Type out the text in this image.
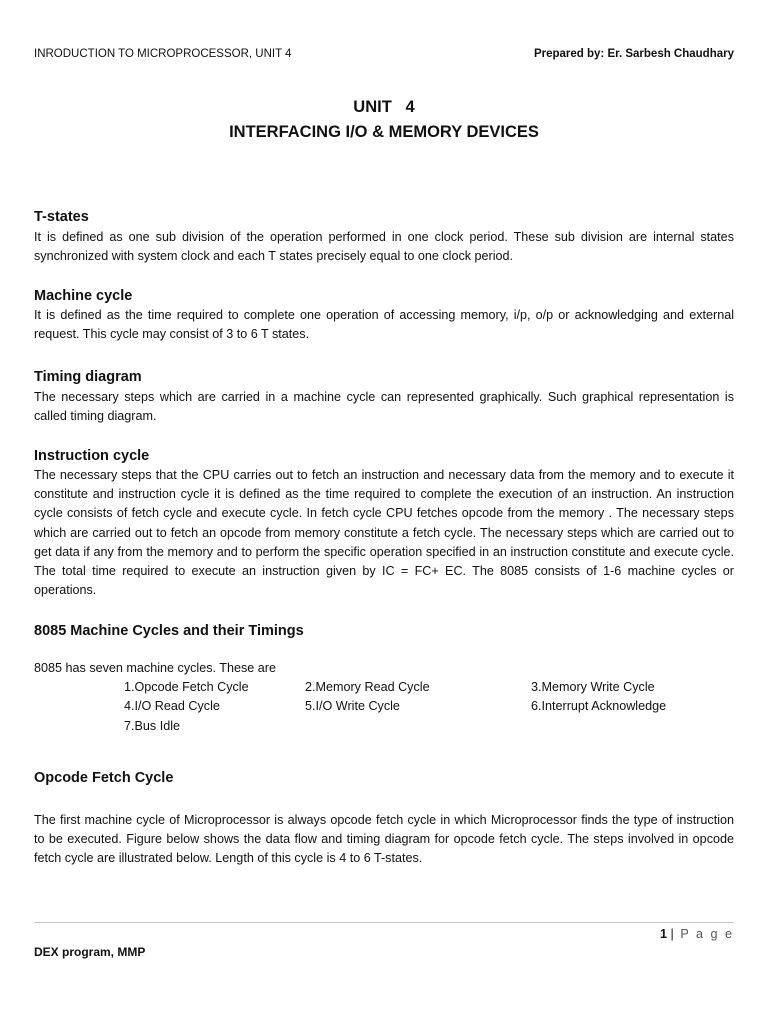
INRODUCTION TO MICROPROCESSOR, UNIT 4	Prepared by: Er. Sarbesh Chaudhary
UNIT   4
INTERFACING I/O & MEMORY DEVICES
T-states

It is defined as one sub division of the operation performed in one clock period. These sub division are internal states synchronized with system clock and each T states precisely equal to one clock period.

Machine cycle

It is defined as the time required to complete one operation of accessing memory, i/p, o/p or acknowledging and external request. This cycle may consist of 3 to 6 T states.

Timing diagram

The necessary steps which are carried in a machine cycle can represented graphically. Such graphical representation is called timing diagram.

Instruction cycle

The necessary steps that the CPU carries out to fetch an instruction and necessary data from the memory and to execute it constitute and instruction cycle it is defined as the time required to complete the execution of an instruction. An instruction cycle consists of fetch cycle and execute cycle. In fetch cycle CPU fetches opcode from the memory . The necessary steps which are carried out to fetch an opcode from memory constitute a fetch cycle. The necessary steps which are carried out to get data if any from the memory and to perform the specific operation specified in an instruction constitute and execute cycle. The total time required to execute an instruction given by IC = FC+ EC. The 8085 consists of 1-6 machine cycles or operations.

8085 Machine Cycles and their Timings
8085 has seven machine cycles. These are
1.Opcode Fetch Cycle	2.Memory Read Cycle	3.Memory Write Cycle
4.I/O Read Cycle	5.I/O Write Cycle	6.Interrupt Acknowledge
7.Bus Idle
Opcode Fetch Cycle

The first machine cycle of Microprocessor is always opcode fetch cycle in which Microprocessor finds the type of instruction to be executed. Figure below shows the data flow and timing diagram for opcode fetch cycle. The steps involved in opcode fetch cycle are illustrated below. Length of this cycle is 4 to 6 T-states.

1 | P a g e
DEX program, MMP
